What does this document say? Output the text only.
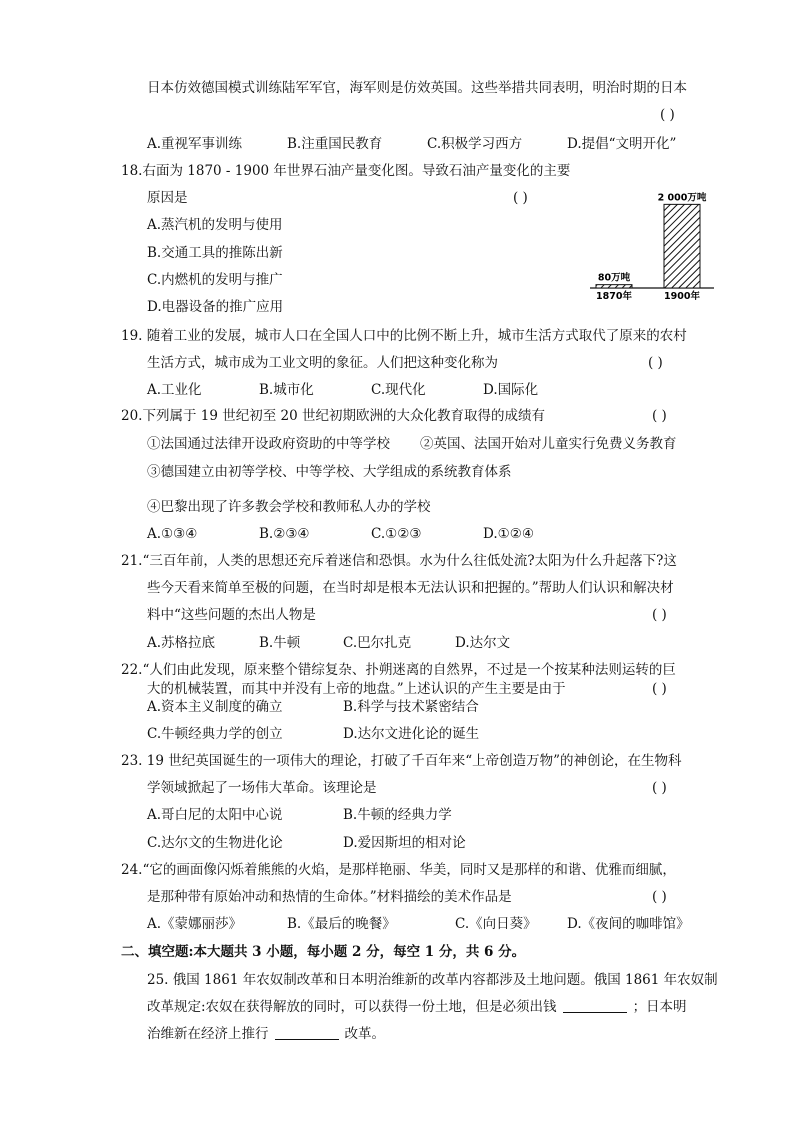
日本仿效德国模式训练陆军军官，海军则是仿效英国。这些举措共同表明，明治时期的日本
( )
A.重视军事训练	B.注重国民教育	C.积极学习西方	D.提倡“文明开化”
18.右面为 1870 - 1900 年世界石油产量变化图。导致石油产量变化的主要
原因是	( )
A.蒸汽机的发明与使用
B.交通工具的推陈出新
C.内燃机的发明与推广
D.电器设备的推广应用
80万吨
1870年
2 000万吨
1900年
19. 随着工业的发展，城市人口在全国人口中的比例不断上升，城市生活方式取代了原来的农村
生活方式，城市成为工业文明的象征。人们把这种变化称为	( )
A.工业化	B.城市化	C.现代化	D.国际化
20.下列属于 19 世纪初至 20 世纪初期欧洲的大众化教育取得的成绩有	( )
①法国通过法律开设政府资助的中等学校 ②英国、法国开始对儿童实行免费义务教育
③德国建立由初等学校、中等学校、大学组成的系统教育体系
④巴黎出现了许多教会学校和教师私人办的学校
A.①③④	B.②③④	C.①②③	D.①②④
21.“三百年前，人类的思想还充斥着迷信和恐惧。水为什么往低处流?太阳为什么升起落下?这
些今天看来简单至极的问题，在当时却是根本无法认识和把握的。”帮助人们认识和解决材
料中“这些问题的杰出人物是	( )
A.苏格拉底	B.牛顿	C.巴尔扎克	D.达尔文
22.“人们由此发现，原来整个错综复杂、扑朔迷离的自然界，不过是一个按某种法则运转的巨
大的机械装置，而其中并没有上帝的地盘。”上述认识的产生主要是由于	( )
A.资本主义制度的确立	B.科学与技术紧密结合
C.牛顿经典力学的创立	D.达尔文进化论的诞生
23. 19 世纪英国诞生的一项伟大的理论，打破了千百年来“上帝创造万物”的神创论，在生物科
学领域掀起了一场伟大革命。该理论是	( )
A.哥白尼的太阳中心说	B.牛顿的经典力学
C.达尔文的生物进化论	D.爱因斯坦的相对论
24.“它的画面像闪烁着熊熊的火焰，是那样艳丽、华美，同时又是那样的和谐、优雅而细腻，
是那种带有原始冲动和热情的生命体。”材料描绘的美术作品是	( )
A.《蒙娜丽莎》	B.《最后的晚餐》	C.《向日葵》 D.《夜间的咖啡馆》
二、填空题:本大题共 3 小题，每小题 2 分，每空 1 分，共 6 分。
25. 俄国 1861 年农奴制改革和日本明治维新的改革内容都涉及土地问题。俄国 1861 年农奴制
改革规定:农奴在获得解放的同时，可以获得一份土地，但是必须出钱	；日本明
治维新在经济上推行	改革。
